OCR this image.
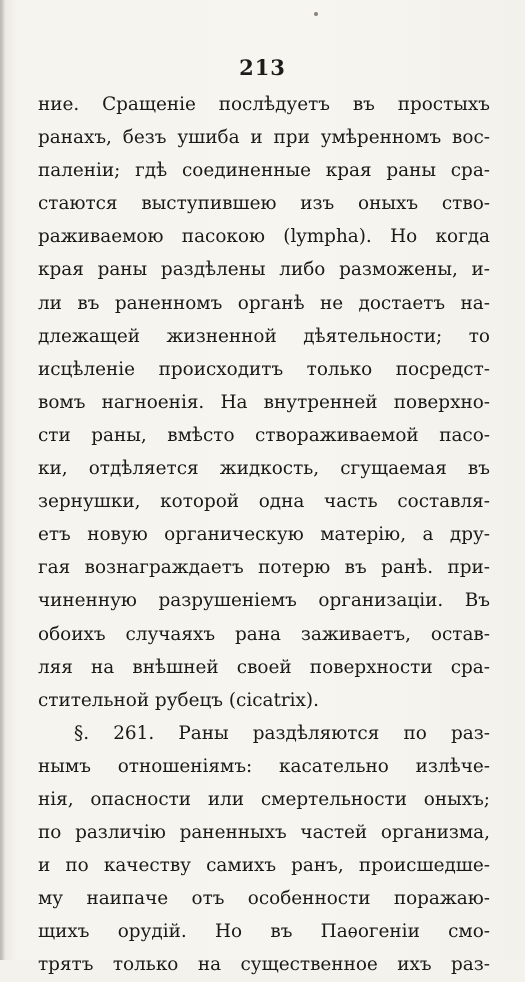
213
ние. Сращеніе послѣдуетъ въ простыхъ
ранахъ, безъ ушиба и при умѣренномъ вос-
паленіи; гдѣ соединенные края раны сра-
стаются выступившею изъ оныхъ ство-
раживаемою пасокою (lympha). Но когда
края раны раздѣлены либо разможены, и-
ли въ раненномъ органѣ не достаетъ на-
длежащей жизненной дѣятельности; то
исцѣленіе происходитъ только посредст-
вомъ нагноенія. На внутренней поверхно-
сти раны, вмѣсто створаживаемой пасо-
ки, отдѣляется жидкость, сгущаемая въ
зернушки, которой одна часть составля-
етъ новую органическую матерію, а дру-
гая вознаграждаетъ потерю въ ранѣ. при-
чиненную разрушеніемъ организаціи. Въ
обоихъ случаяхъ рана заживаетъ, остав-
ляя на внѣшней своей поверхности сра-
стительной рубецъ (cicatrix).
§. 261. Раны раздѣляются по раз-
нымъ отношеніямъ: касательно излѣче-
нія, опасности или смертельности оныхъ;
по различію раненныхъ частей организма,
и по качеству самихъ ранъ, происшедше-
му наипаче отъ особенности поражаю-
щихъ орудій. Но въ Паѳогеніи смо-
трятъ только на существенное ихъ раз-
